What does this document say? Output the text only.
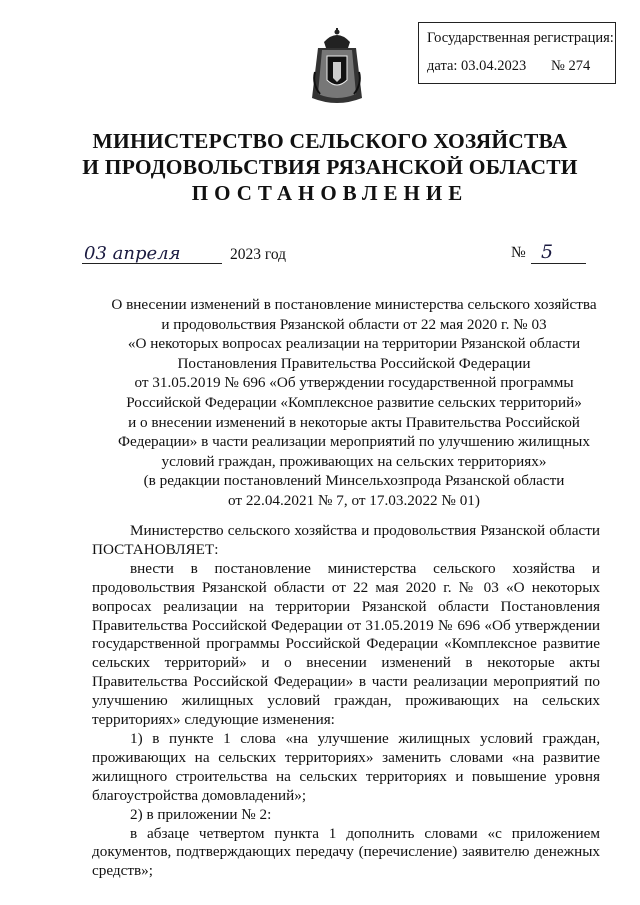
Государственная регистрация:
дата: 03.04.2023 № 274
МИНИСТЕРСТВО СЕЛЬСКОГО ХОЗЯЙСТВА
И ПРОДОВОЛЬСТВИЯ РЯЗАНСКОЙ ОБЛАСТИ
ПОСТАНОВЛЕНИЕ
03 апреля	2023 год	№ 5
О внесении изменений в постановление министерства сельского хозяйства
и продовольствия Рязанской области от 22 мая 2020 г. № 03
«О некоторых вопросах реализации на территории Рязанской области
Постановления Правительства Российской Федерации
от 31.05.2019 № 696 «Об утверждении государственной программы
Российской Федерации «Комплексное развитие сельских территорий»
и о внесении изменений в некоторые акты Правительства Российской
Федерации» в части реализации мероприятий по улучшению жилищных
условий граждан, проживающих на сельских территориях»
(в редакции постановлений Минсельхозпрода Рязанской области
от 22.04.2021 № 7, от 17.03.2022 № 01)

Министерство сельского хозяйства и продовольствия Рязанской области ПОСТАНОВЛЯЕТ:

внести в постановление министерства сельского хозяйства и продовольствия Рязанской области от 22 мая 2020 г. № 03 «О некоторых вопросах реализации на территории Рязанской области Постановления Правительства Российской Федерации от 31.05.2019 № 696 «Об утверждении государственной программы Российской Федерации «Комплексное развитие сельских территорий» и о внесении изменений в некоторые акты Правительства Российской Федерации» в части реализации мероприятий по улучшению жилищных условий граждан, проживающих на сельских территориях» следующие изменения:

1) в пункте 1 слова «на улучшение жилищных условий граждан, проживающих на сельских территориях» заменить словами «на развитие жилищного строительства на сельских территориях и повышение уровня благоустройства домовладений»;

2) в приложении № 2:

в абзаце четвертом пункта 1 дополнить словами «с приложением документов, подтверждающих передачу (перечисление) заявителю денежных средств»;
